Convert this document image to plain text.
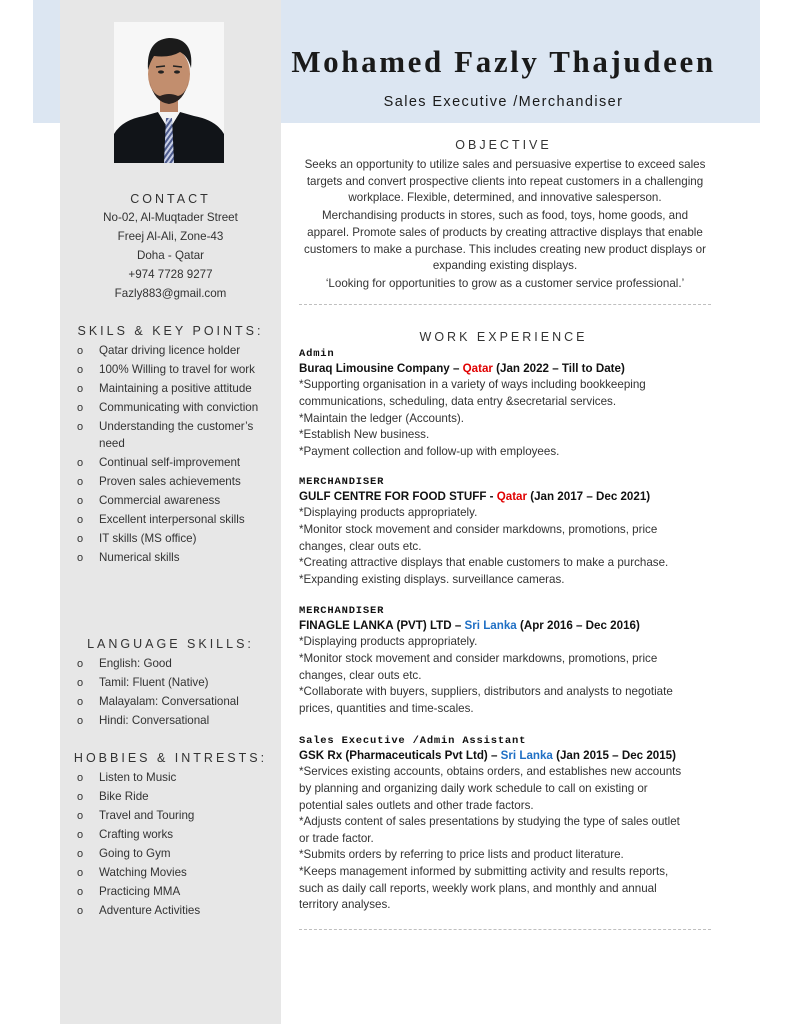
Mohamed Fazly Thajudeen
Sales Executive /Merchandiser
CONTACT
No-02, Al-Muqtader Street
Freej Al-Ali, Zone-43
Doha - Qatar
+974 7728 9277
Fazly883@gmail.com
SKILS & KEY POINTS:
o Qatar driving licence holder
o 100% Willing to travel for work
o Maintaining a positive attitude
o Communicating with conviction
o Understanding the customer’s need
o Continual self-improvement
o Proven sales achievements
o Commercial awareness
o Excellent interpersonal skills
o IT skills (MS office)
o Numerical skills
LANGUAGE SKILLS:
o English: Good
o Tamil: Fluent (Native)
o Malayalam: Conversational
o Hindi: Conversational
HOBBIES & INTRESTS:
o Listen to Music
o Bike Ride
o Travel and Touring
o Crafting works
o Going to Gym
o Watching Movies
o Practicing MMA
o Adventure Activities
OBJECTIVE

Seeks an opportunity to utilize sales and persuasive expertise to exceed sales targets and convert prospective clients into repeat customers in a challenging workplace. Flexible, determined, and innovative salesperson.

Merchandising products in stores, such as food, toys, home goods, and apparel. Promote sales of products by creating attractive displays that enable customers to make a purchase. This includes creating new product displays or expanding existing displays.

‘Looking for opportunities to grow as a customer service professional.’

WORK EXPERIENCE
Admin
Buraq Limousine Company – Qatar (Jan 2022 – Till to Date)
*Supporting organisation in a variety of ways including bookkeeping
communications, scheduling, data entry &secretarial services.
*Maintain the ledger (Accounts).
*Establish New business.
*Payment collection and follow-up with employees.
MERCHANDISER
GULF CENTRE FOR FOOD STUFF - Qatar (Jan 2017 – Dec 2021)
*Displaying products appropriately.
*Monitor stock movement and consider markdowns, promotions, price
changes, clear outs etc.
*Creating attractive displays that enable customers to make a purchase.
*Expanding existing displays. surveillance cameras.
MERCHANDISER
FINAGLE LANKA (PVT) LTD – Sri Lanka (Apr 2016 – Dec 2016)
*Displaying products appropriately.
*Monitor stock movement and consider markdowns, promotions, price
changes, clear outs etc.
*Collaborate with buyers, suppliers, distributors and analysts to negotiate
prices, quantities and time-scales.
Sales Executive /Admin Assistant
GSK Rx (Pharmaceuticals Pvt Ltd) – Sri Lanka (Jan 2015 – Dec 2015)
*Services existing accounts, obtains orders, and establishes new accounts
by planning and organizing daily work schedule to call on existing or
potential sales outlets and other trade factors.
*Adjusts content of sales presentations by studying the type of sales outlet
or trade factor.
*Submits orders by referring to price lists and product literature.
*Keeps management informed by submitting activity and results reports,
such as daily call reports, weekly work plans, and monthly and annual
territory analyses.
